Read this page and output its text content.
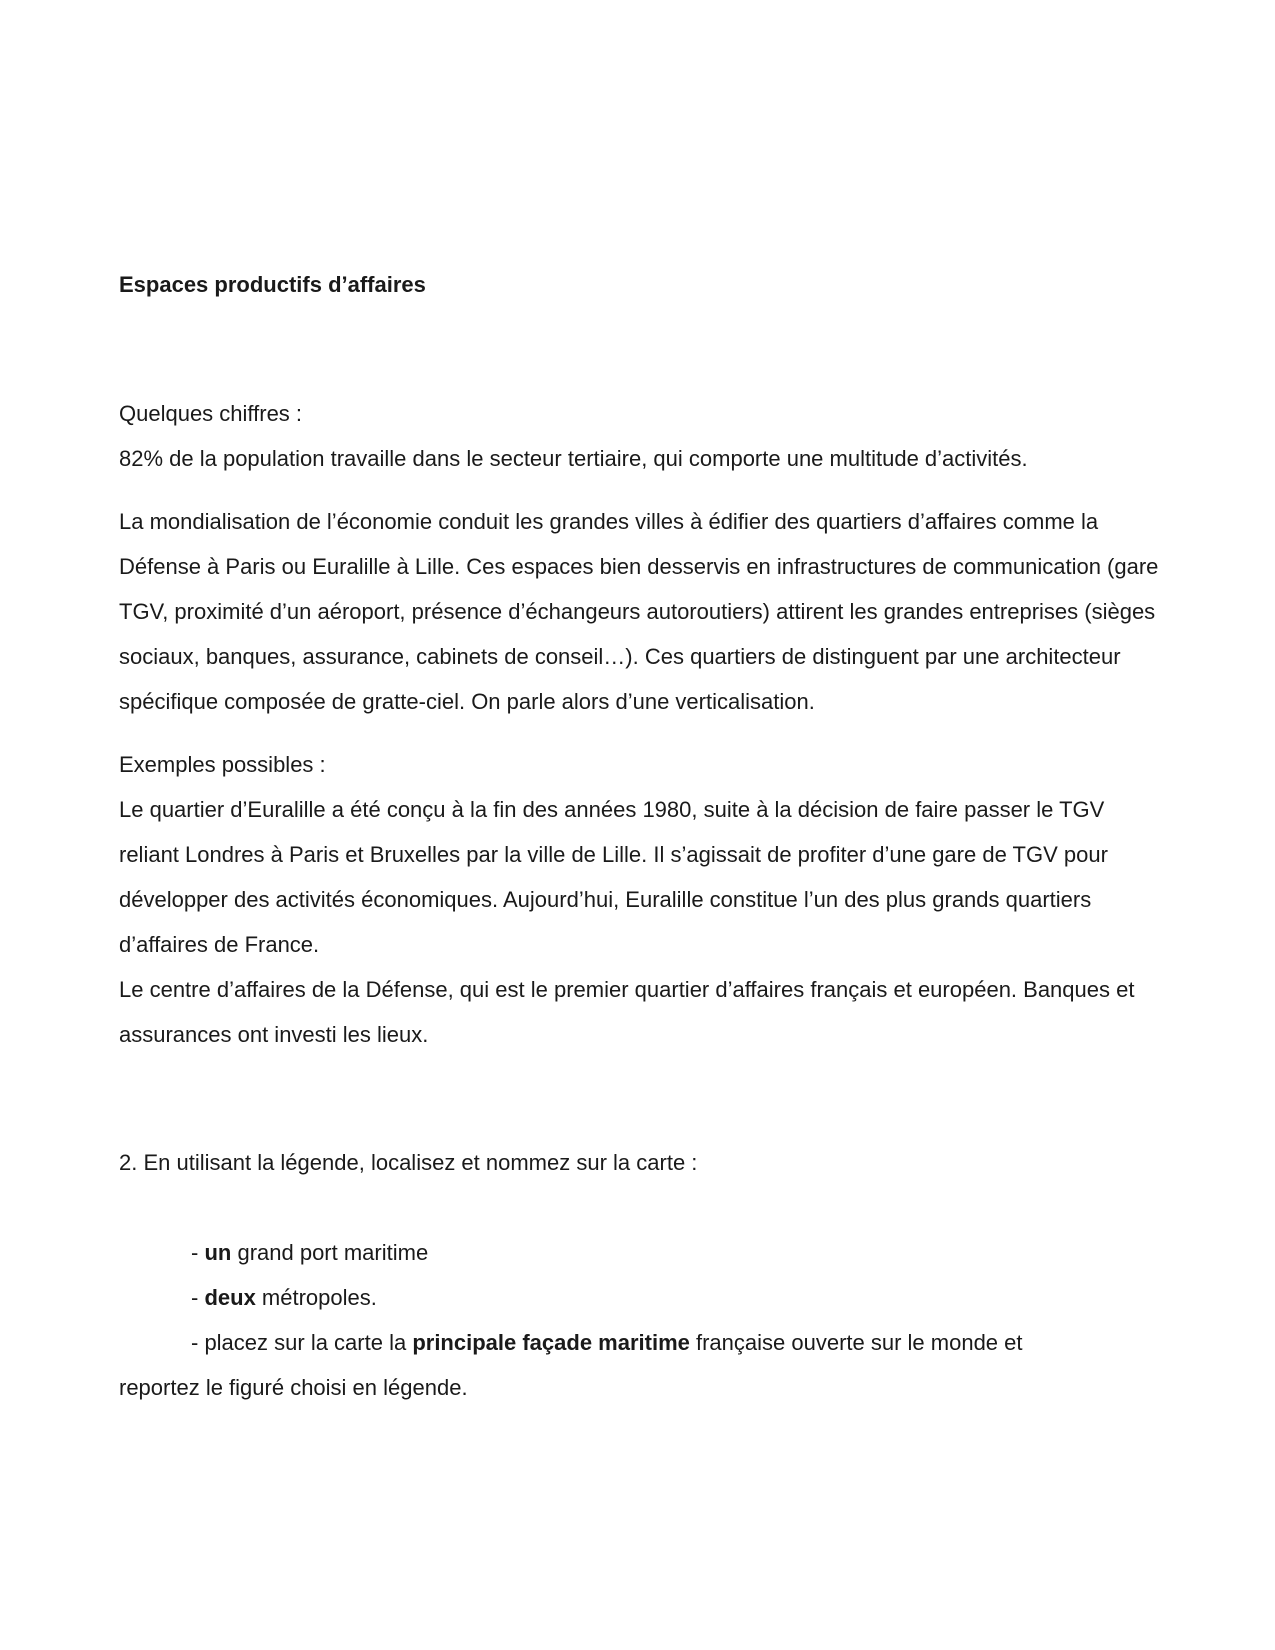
Espaces productifs d’affaires

Quelques chiffres :

82% de la population travaille dans le secteur tertiaire, qui comporte une multitude d’activités.

La mondialisation de l’économie conduit les grandes villes à édifier des quartiers d’affaires comme la Défense à Paris ou Euralille à Lille. Ces espaces bien desservis en infrastructures de communication (gare TGV, proximité d’un aéroport, présence d’échangeurs autoroutiers) attirent les grandes entreprises (sièges sociaux, banques, assurance, cabinets de conseil…). Ces quartiers de distinguent par une architecteur spécifique composée de gratte-ciel. On parle alors d’une verticalisation.

Exemples possibles :

Le quartier d’Euralille a été conçu à la fin des années 1980, suite à la décision de faire passer le TGV reliant Londres à Paris et Bruxelles par la ville de Lille. Il s’agissait de profiter d’une gare de TGV pour développer des activités économiques. Aujourd’hui, Euralille constitue l’un des plus grands quartiers d’affaires de France.

Le centre d’affaires de la Défense, qui est le premier quartier d’affaires français et européen. Banques et assurances ont investi les lieux.

2. En utilisant la légende, localisez et nommez sur la carte :

- un grand port maritime

- deux métropoles.

- placez sur la carte la principale façade maritime française ouverte sur le monde et

reportez le figuré choisi en légende.
